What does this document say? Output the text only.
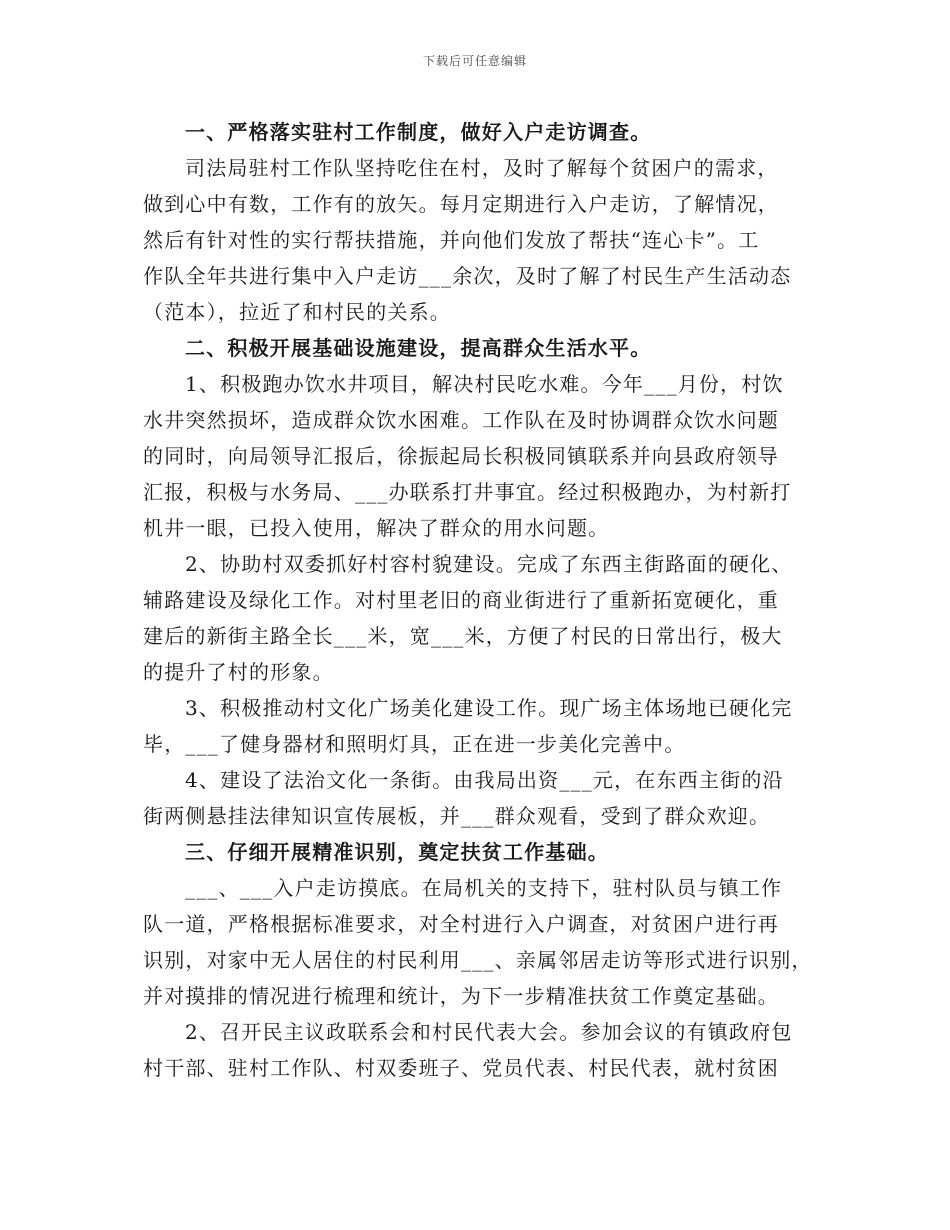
下载后可任意编辑
一、严格落实驻村工作制度，做好入户走访调查。
司法局驻村工作队坚持吃住在村，及时了解每个贫困户的需求，
做到心中有数，工作有的放矢。每月定期进行入户走访，了解情况，
然后有针对性的实行帮扶措施，并向他们发放了帮扶“连心卡”。工
作队全年共进行集中入户走访___余次，及时了解了村民生产生活动态
（范本），拉近了和村民的关系。
二、积极开展基础设施建设，提高群众生活水平。
1、积极跑办饮水井项目，解决村民吃水难。今年___月份，村饮
水井突然损坏，造成群众饮水困难。工作队在及时协调群众饮水问题
的同时，向局领导汇报后，徐振起局长积极同镇联系并向县政府领导
汇报，积极与水务局、___办联系打井事宜。经过积极跑办，为村新打
机井一眼，已投入使用，解决了群众的用水问题。
2、协助村双委抓好村容村貌建设。完成了东西主街路面的硬化、
辅路建设及绿化工作。对村里老旧的商业街进行了重新拓宽硬化，重
建后的新街主路全长___米，宽___米，方便了村民的日常出行，极大
的提升了村的形象。
3、积极推动村文化广场美化建设工作。现广场主体场地已硬化完
毕，___了健身器材和照明灯具，正在进一步美化完善中。
4、建设了法治文化一条街。由我局出资___元，在东西主街的沿
街两侧悬挂法律知识宣传展板，并___群众观看，受到了群众欢迎。
三、仔细开展精准识别，奠定扶贫工作基础。
___、___入户走访摸底。在局机关的支持下，驻村队员与镇工作
队一道，严格根据标准要求，对全村进行入户调查，对贫困户进行再
识别，对家中无人居住的村民利用___、亲属邻居走访等形式进行识别，
并对摸排的情况进行梳理和统计，为下一步精准扶贫工作奠定基础。
2、召开民主议政联系会和村民代表大会。参加会议的有镇政府包
村干部、驻村工作队、村双委班子、党员代表、村民代表，就村贫困
